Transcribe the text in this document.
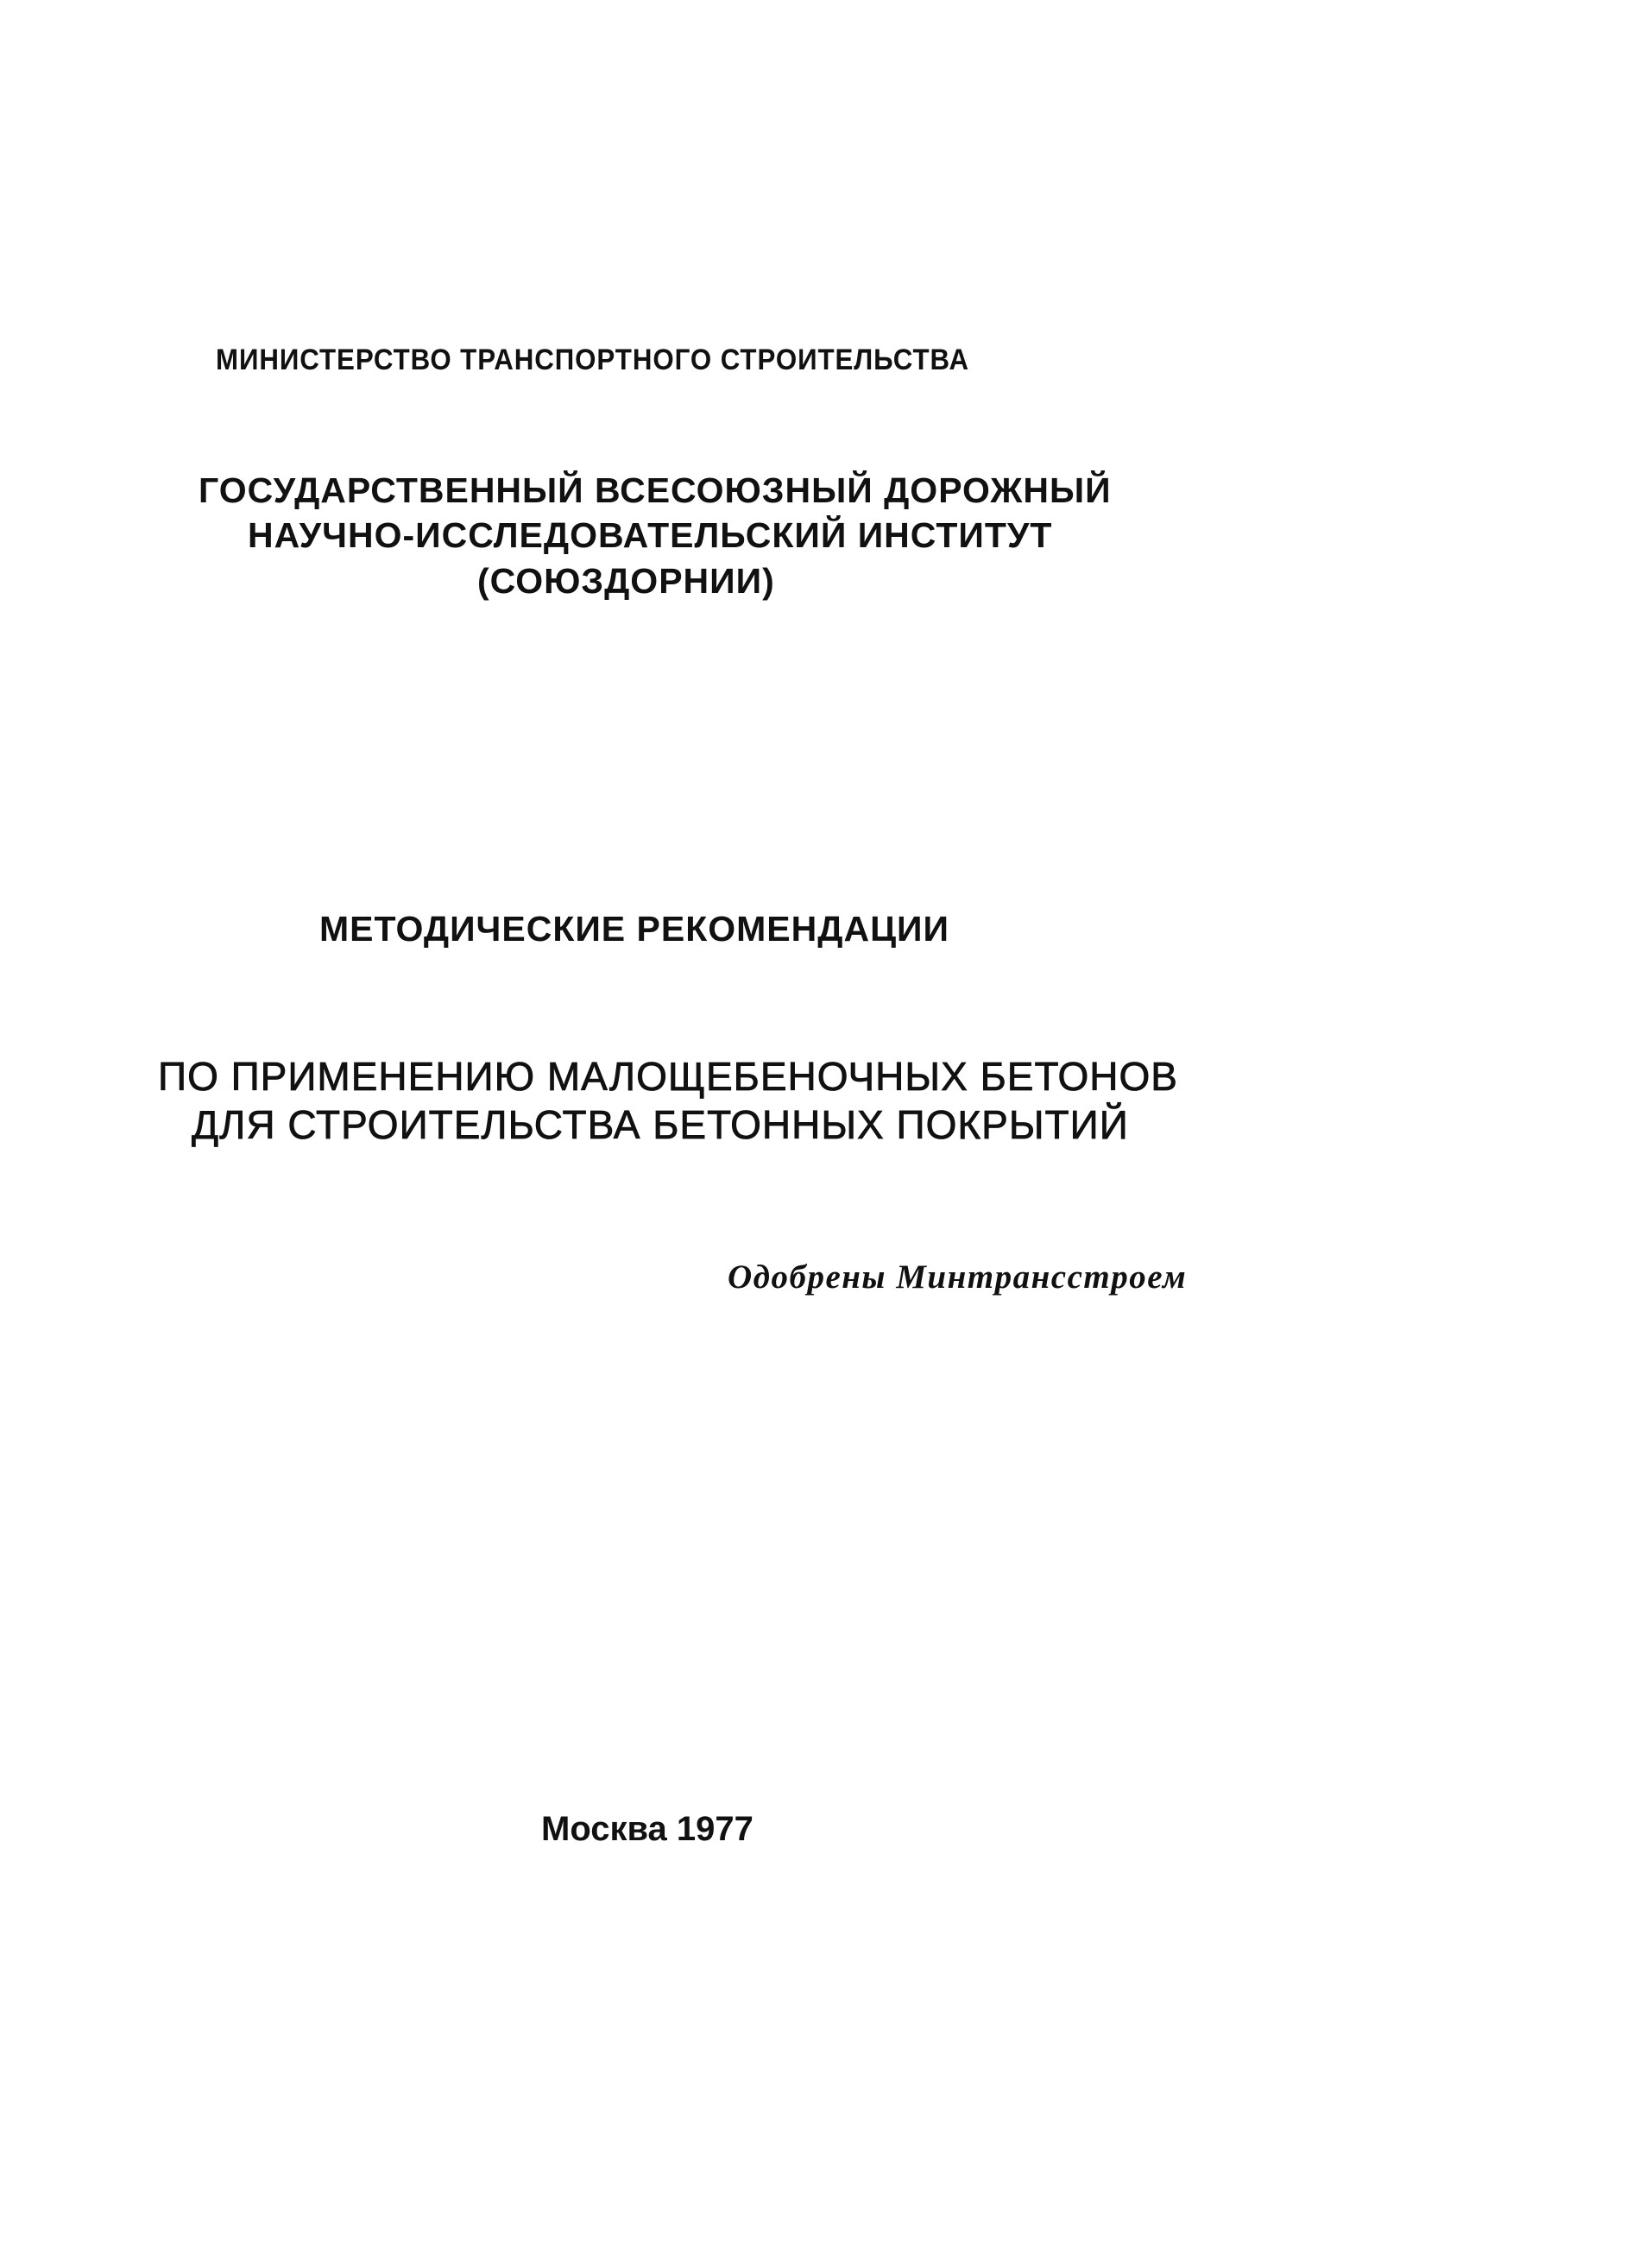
МИНИСТЕРСТВО ТРАНСПОРТНОГО СТРОИТЕЛЬСТВА
ГОСУДАРСТВЕННЫЙ ВСЕСОЮЗНЫЙ ДОРОЖНЫЙ
НАУЧНО-ИССЛЕДОВАТЕЛЬСКИЙ ИНСТИТУТ
(СОЮЗДОРНИИ)
МЕТОДИЧЕСКИЕ РЕКОМЕНДАЦИИ
ПО ПРИМЕНЕНИЮ МАЛОЩЕБЕНОЧНЫХ БЕТОНОВ
ДЛЯ СТРОИТЕЛЬСТВА БЕТОННЫХ ПОКРЫТИЙ
Одобрены Минтрансстроем
Москва 1977
